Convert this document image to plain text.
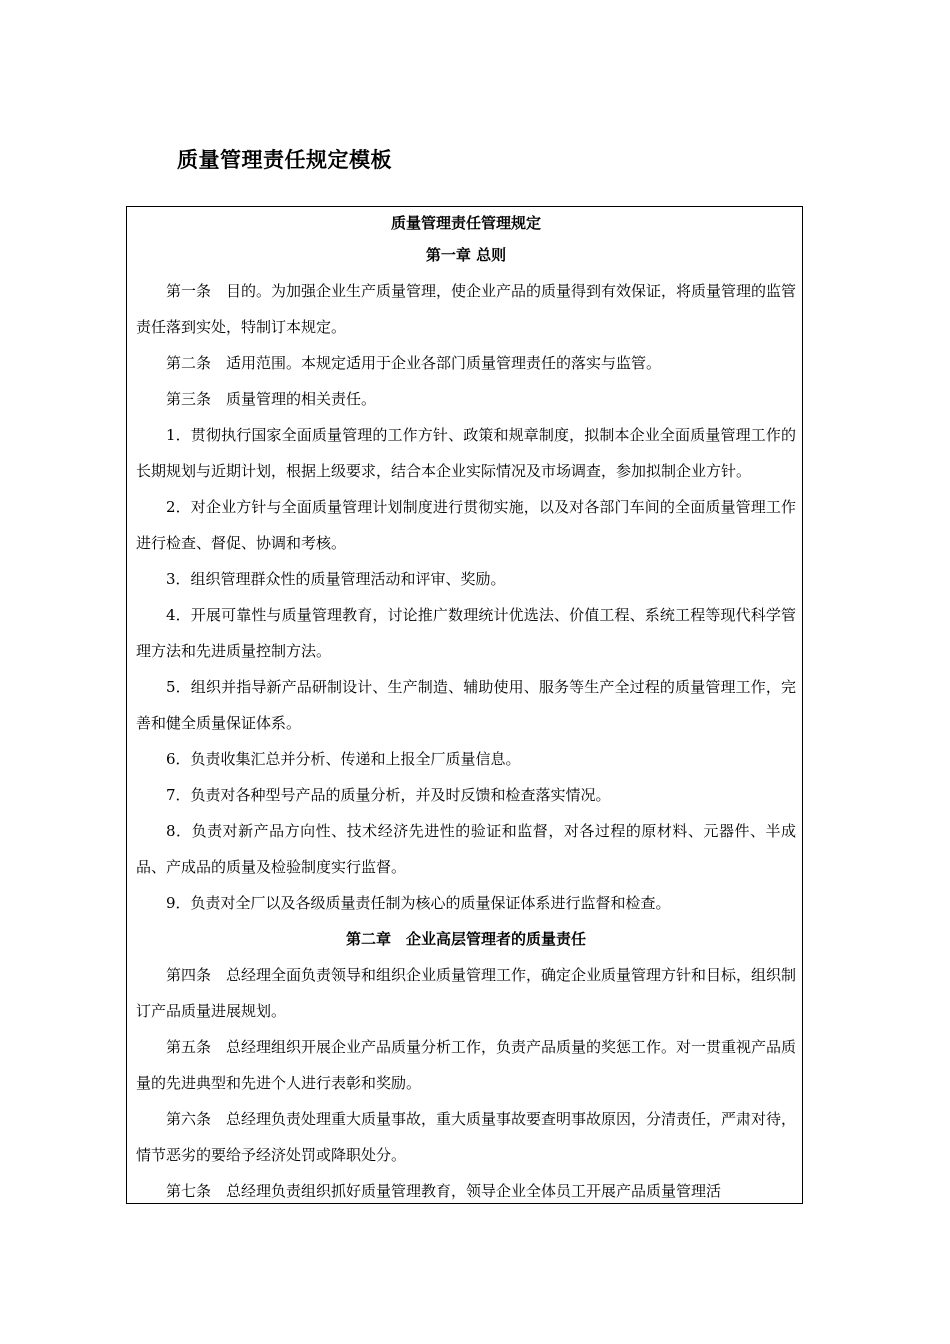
质量管理责任规定模板

质量管理责任管理规定

第一章 总则

第一条　目的。为加强企业生产质量管理，使企业产品的质量得到有效保证，将质量管理的监管责任落到实处，特制订本规定。

第二条　适用范围。本规定适用于企业各部门质量管理责任的落实与监管。

第三条　质量管理的相关责任。

1．贯彻执行国家全面质量管理的工作方针、政策和规章制度，拟制本企业全面质量管理工作的长期规划与近期计划，根据上级要求，结合本企业实际情况及市场调查，参加拟制企业方针。

2．对企业方针与全面质量管理计划制度进行贯彻实施，以及对各部门车间的全面质量管理工作进行检查、督促、协调和考核。

3．组织管理群众性的质量管理活动和评审、奖励。

4．开展可靠性与质量管理教育，讨论推广数理统计优选法、价值工程、系统工程等现代科学管理方法和先进质量控制方法。

5．组织并指导新产品研制设计、生产制造、辅助使用、服务等生产全过程的质量管理工作，完善和健全质量保证体系。

6．负责收集汇总并分析、传递和上报全厂质量信息。

7．负责对各种型号产品的质量分析，并及时反馈和检查落实情况。

8．负责对新产品方向性、技术经济先进性的验证和监督，对各过程的原材料、元器件、半成品、产成品的质量及检验制度实行监督。

9．负责对全厂以及各级质量责任制为核心的质量保证体系进行监督和检查。

第二章　企业高层管理者的质量责任

第四条　总经理全面负责领导和组织企业质量管理工作，确定企业质量管理方针和目标，组织制订产品质量进展规划。

第五条　总经理组织开展企业产品质量分析工作，负责产品质量的奖惩工作。对一贯重视产品质量的先进典型和先进个人进行表彰和奖励。

第六条　总经理负责处理重大质量事故，重大质量事故要查明事故原因，分清责任，严肃对待，情节恶劣的要给予经济处罚或降职处分。

第七条　总经理负责组织抓好质量管理教育，领导企业全体员工开展产品质量管理活
